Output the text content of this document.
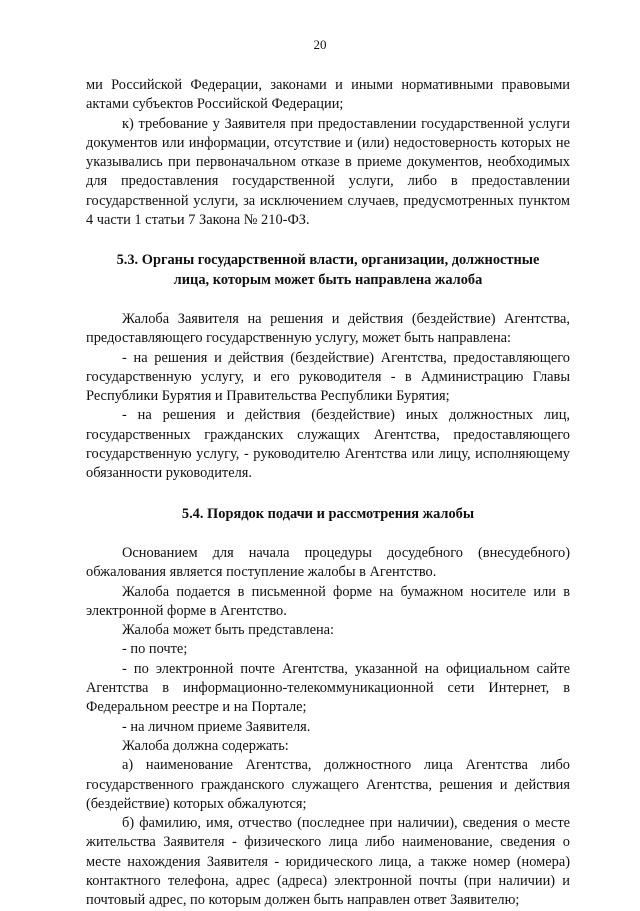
20

ми Российской Федерации, законами и иными нормативными правовыми актами субъектов Российской Федерации;

к) требование у Заявителя при предоставлении государственной услуги документов или информации, отсутствие и (или) недостоверность которых не указывались при первоначальном отказе в приеме документов, необходимых для предоставления государственной услуги, либо в предоставлении государственной услуги, за исключением случаев, предусмотренных пунктом 4 части 1 статьи 7 Закона № 210-ФЗ.

5.3. Органы государственной власти, организации, должностные
лица, которым может быть направлена жалоба

Жалоба Заявителя на решения и действия (бездействие) Агентства, предоставляющего государственную услугу, может быть направлена:

- на решения и действия (бездействие) Агентства, предоставляющего государственную услугу, и его руководителя - в Администрацию Главы Республики Бурятия и Правительства Республики Бурятия;

- на решения и действия (бездействие) иных должностных лиц, государственных гражданских служащих Агентства, предоставляющего государственную услугу, - руководителю Агентства или лицу, исполняющему обязанности руководителя.

5.4. Порядок подачи и рассмотрения жалобы

Основанием для начала процедуры досудебного (внесудебного) обжалования является поступление жалобы в Агентство.

Жалоба подается в письменной форме на бумажном носителе или в электронной форме в Агентство.

Жалоба может быть представлена:

- по почте;

- по электронной почте Агентства, указанной на официальном сайте Агентства в информационно-телекоммуникационной сети Интернет, в Федеральном реестре и на Портале;

- на личном приеме Заявителя.

Жалоба должна содержать:

а) наименование Агентства, должностного лица Агентства либо государственного гражданского служащего Агентства, решения и действия (бездействие) которых обжалуются;

б) фамилию, имя, отчество (последнее при наличии), сведения о месте жительства Заявителя - физического лица либо наименование, сведения о месте нахождения Заявителя - юридического лица, а также номер (номера) контактного телефона, адрес (адреса) электронной почты (при наличии) и почтовый адрес, по которым должен быть направлен ответ Заявителю;
